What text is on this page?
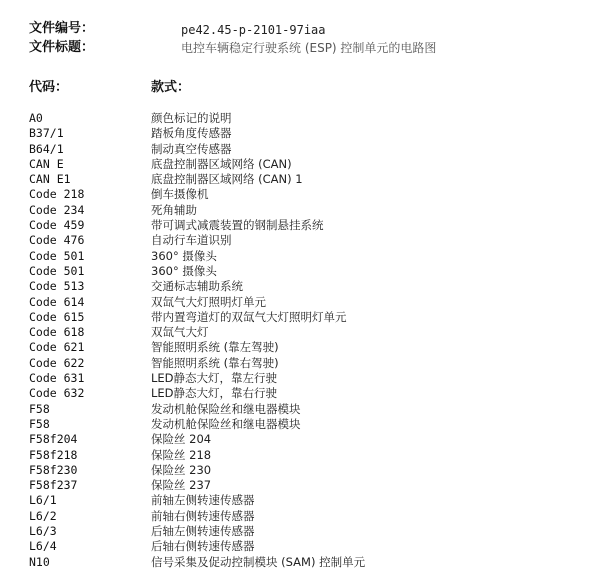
文件编号：	pe42.45-p-2101-97iaa
文件标题：	电控车辆稳定行驶系统 (ESP) 控制单元的电路图
代码：	款式：
A0	颜色标记的说明
B37/1	踏板角度传感器
B64/1	制动真空传感器
CAN E	底盘控制器区域网络 (CAN)
CAN E1	底盘控制器区域网络 (CAN) 1
Code 218	倒车摄像机
Code 234	死角辅助
Code 459	带可调式减震装置的钢制悬挂系统
Code 476	自动行车道识别
Code 501	360° 摄像头
Code 501	360° 摄像头
Code 513	交通标志辅助系统
Code 614	双氙气大灯照明灯单元
Code 615	带内置弯道灯的双氙气大灯照明灯单元
Code 618	双氙气大灯
Code 621	智能照明系统 (靠左驾驶)
Code 622	智能照明系统 (靠右驾驶)
Code 631	LED静态大灯，靠左行驶
Code 632	LED静态大灯，靠右行驶
F58	发动机舱保险丝和继电器模块
F58	发动机舱保险丝和继电器模块
F58f204	保险丝 204
F58f218	保险丝 218
F58f230	保险丝 230
F58f237	保险丝 237
L6/1	前轴左侧转速传感器
L6/2	前轴右侧转速传感器
L6/3	后轴左侧转速传感器
L6/4	后轴右侧转速传感器
N10	信号采集及促动控制模块 (SAM) 控制单元
